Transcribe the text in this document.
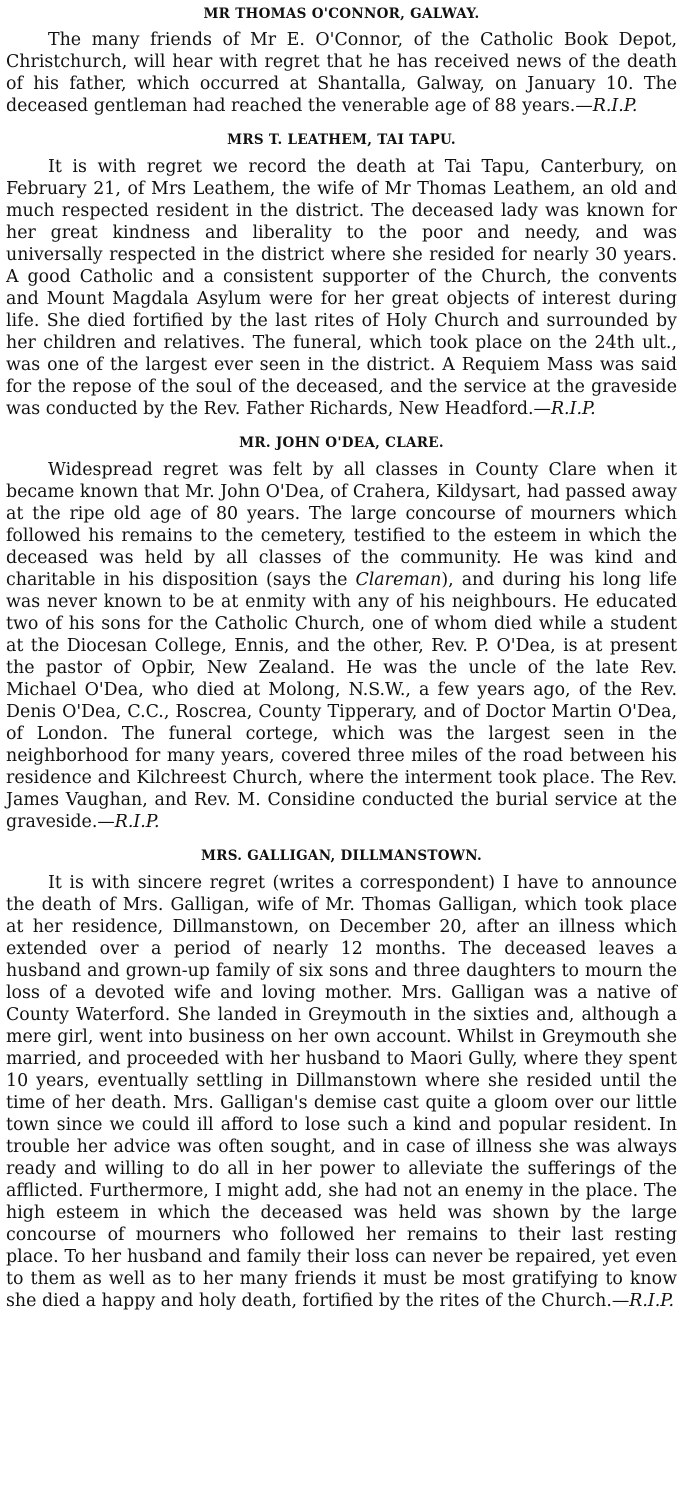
MR THOMAS O'CONNOR, GALWAY.

The many friends of Mr E. O'Connor, of the Catholic Book Depot, Christchurch, will hear with regret that he has received news of the death of his father, which occurred at Shantalla, Galway, on January 10. The deceased gentleman had reached the venerable age of 88 years.—R.I.P.

MRS T. LEATHEM, TAI TAPU.

It is with regret we record the death at Tai Tapu, Canterbury, on February 21, of Mrs Leathem, the wife of Mr Thomas Leathem, an old and much respected resident in the district. The deceased lady was known for her great kindness and liberality to the poor and needy, and was universally respected in the district where she resided for nearly 30 years. A good Catholic and a consistent supporter of the Church, the convents and Mount Magdala Asylum were for her great objects of interest during life. She died fortified by the last rites of Holy Church and surrounded by her children and relatives. The funeral, which took place on the 24th ult., was one of the largest ever seen in the district. A Requiem Mass was said for the repose of the soul of the deceased, and the service at the graveside was conducted by the Rev. Father Richards, New Headford.—R.I.P.

MR. JOHN O'DEA, CLARE.

Widespread regret was felt by all classes in County Clare when it became known that Mr. John O'Dea, of Crahera, Kildysart, had passed away at the ripe old age of 80 years. The large concourse of mourners which followed his remains to the cemetery, testified to the esteem in which the deceased was held by all classes of the community. He was kind and charitable in his disposition (says the Clareman), and during his long life was never known to be at enmity with any of his neighbours. He educated two of his sons for the Catholic Church, one of whom died while a student at the Diocesan College, Ennis, and the other, Rev. P. O'Dea, is at present the pastor of Opbir, New Zealand. He was the uncle of the late Rev. Michael O'Dea, who died at Molong, N.S.W., a few years ago, of the Rev. Denis O'Dea, C.C., Roscrea, County Tipperary, and of Doctor Martin O'Dea, of London. The funeral cortege, which was the largest seen in the neighborhood for many years, covered three miles of the road between his residence and Kilchreest Church, where the interment took place. The Rev. James Vaughan, and Rev. M. Considine conducted the burial service at the graveside.—R.I.P.

MRS. GALLIGAN, DILLMANSTOWN.

It is with sincere regret (writes a correspondent) I have to announce the death of Mrs. Galligan, wife of Mr. Thomas Galligan, which took place at her residence, Dillmanstown, on December 20, after an illness which extended over a period of nearly 12 months. The deceased leaves a husband and grown-up family of six sons and three daughters to mourn the loss of a devoted wife and loving mother. Mrs. Galligan was a native of County Waterford. She landed in Greymouth in the sixties and, although a mere girl, went into business on her own account. Whilst in Greymouth she married, and proceeded with her husband to Maori Gully, where they spent 10 years, eventually settling in Dillmanstown where she resided until the time of her death. Mrs. Galligan's demise cast quite a gloom over our little town since we could ill afford to lose such a kind and popular resident. In trouble her advice was often sought, and in case of illness she was always ready and willing to do all in her power to alleviate the sufferings of the afflicted. Furthermore, I might add, she had not an enemy in the place. The high esteem in which the deceased was held was shown by the large concourse of mourners who followed her remains to their last resting place. To her husband and family their loss can never be repaired, yet even to them as well as to her many friends it must be most gratifying to know she died a happy and holy death, fortified by the rites of the Church.—R.I.P.
